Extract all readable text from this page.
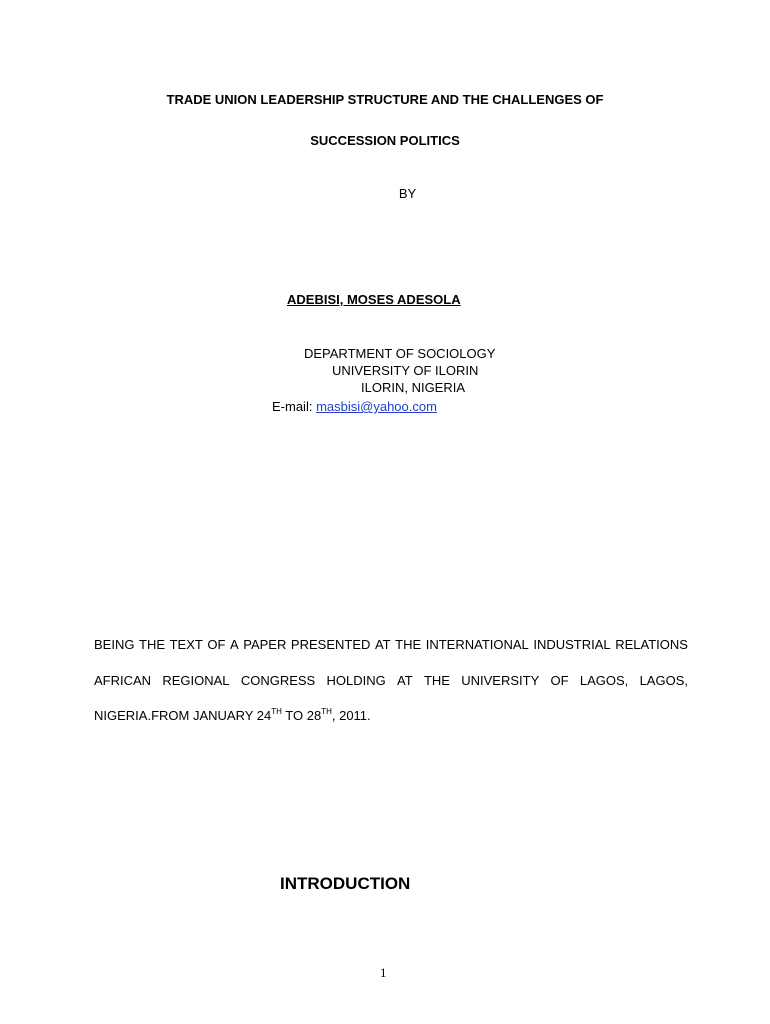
TRADE UNION LEADERSHIP STRUCTURE AND THE CHALLENGES OF
SUCCESSION POLITICS
BY
ADEBISI, MOSES ADESOLA
DEPARTMENT OF SOCIOLOGY
UNIVERSITY OF ILORIN
ILORIN, NIGERIA
E-mail: masbisi@yahoo.com
BEING THE TEXT OF A PAPER PRESENTED AT THE INTERNATIONAL INDUSTRIAL RELATIONS
AFRICAN REGIONAL CONGRESS HOLDING AT THE UNIVERSITY OF LAGOS, LAGOS,
NIGERIA.FROM JANUARY 24TH TO 28TH, 2011.
INTRODUCTION
1
